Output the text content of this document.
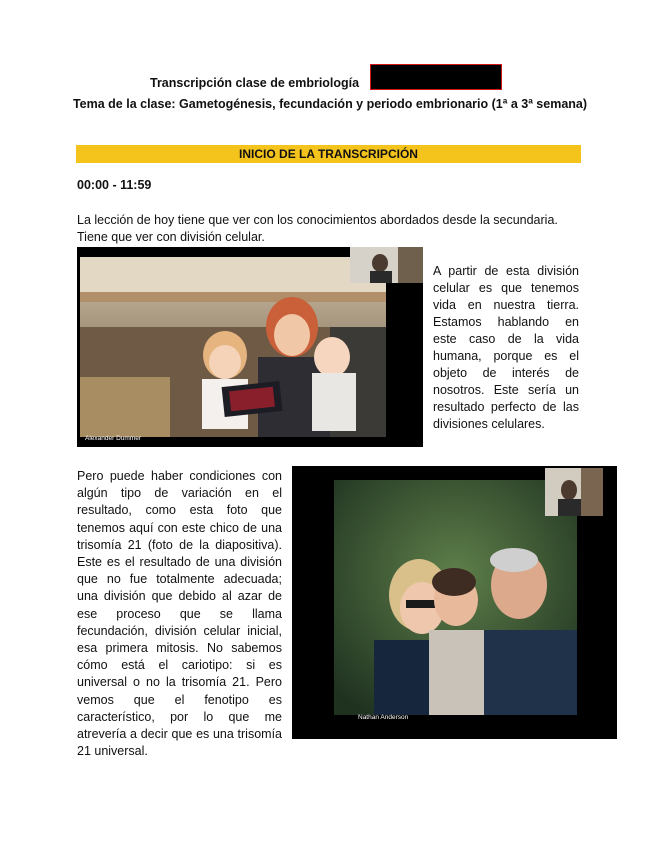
Transcripción clase de embriología
Tema de la clase: Gametogénesis, fecundación y periodo embrionario (1ª a 3ª semana)
INICIO DE LA TRANSCRIPCIÓN
00:00 - 11:59
La lección de hoy tiene que ver con los conocimientos abordados desde la secundaria. Tiene que ver con división celular.
Alexander Dummer
A partir de esta división celular es que tenemos vida en nuestra tierra. Estamos hablando en este caso de la vida humana, porque es el objeto de interés de nosotros. Este sería un resultado perfecto de las divisiones celulares.
Pero puede haber condiciones con algún tipo de variación en el resultado, como esta foto que tenemos aquí con este chico de una trisomía 21 (foto de la diapositiva). Este es el resultado de una división que no fue totalmente adecuada; una división que debido al azar de ese proceso que se llama fecundación, división celular inicial, esa primera mitosis. No sabemos cómo está el cariotipo: si es universal o no la trisomía 21. Pero vemos que el fenotipo es característico, por lo que me atrevería a decir que es una trisomía 21 universal.
Nathan Anderson
